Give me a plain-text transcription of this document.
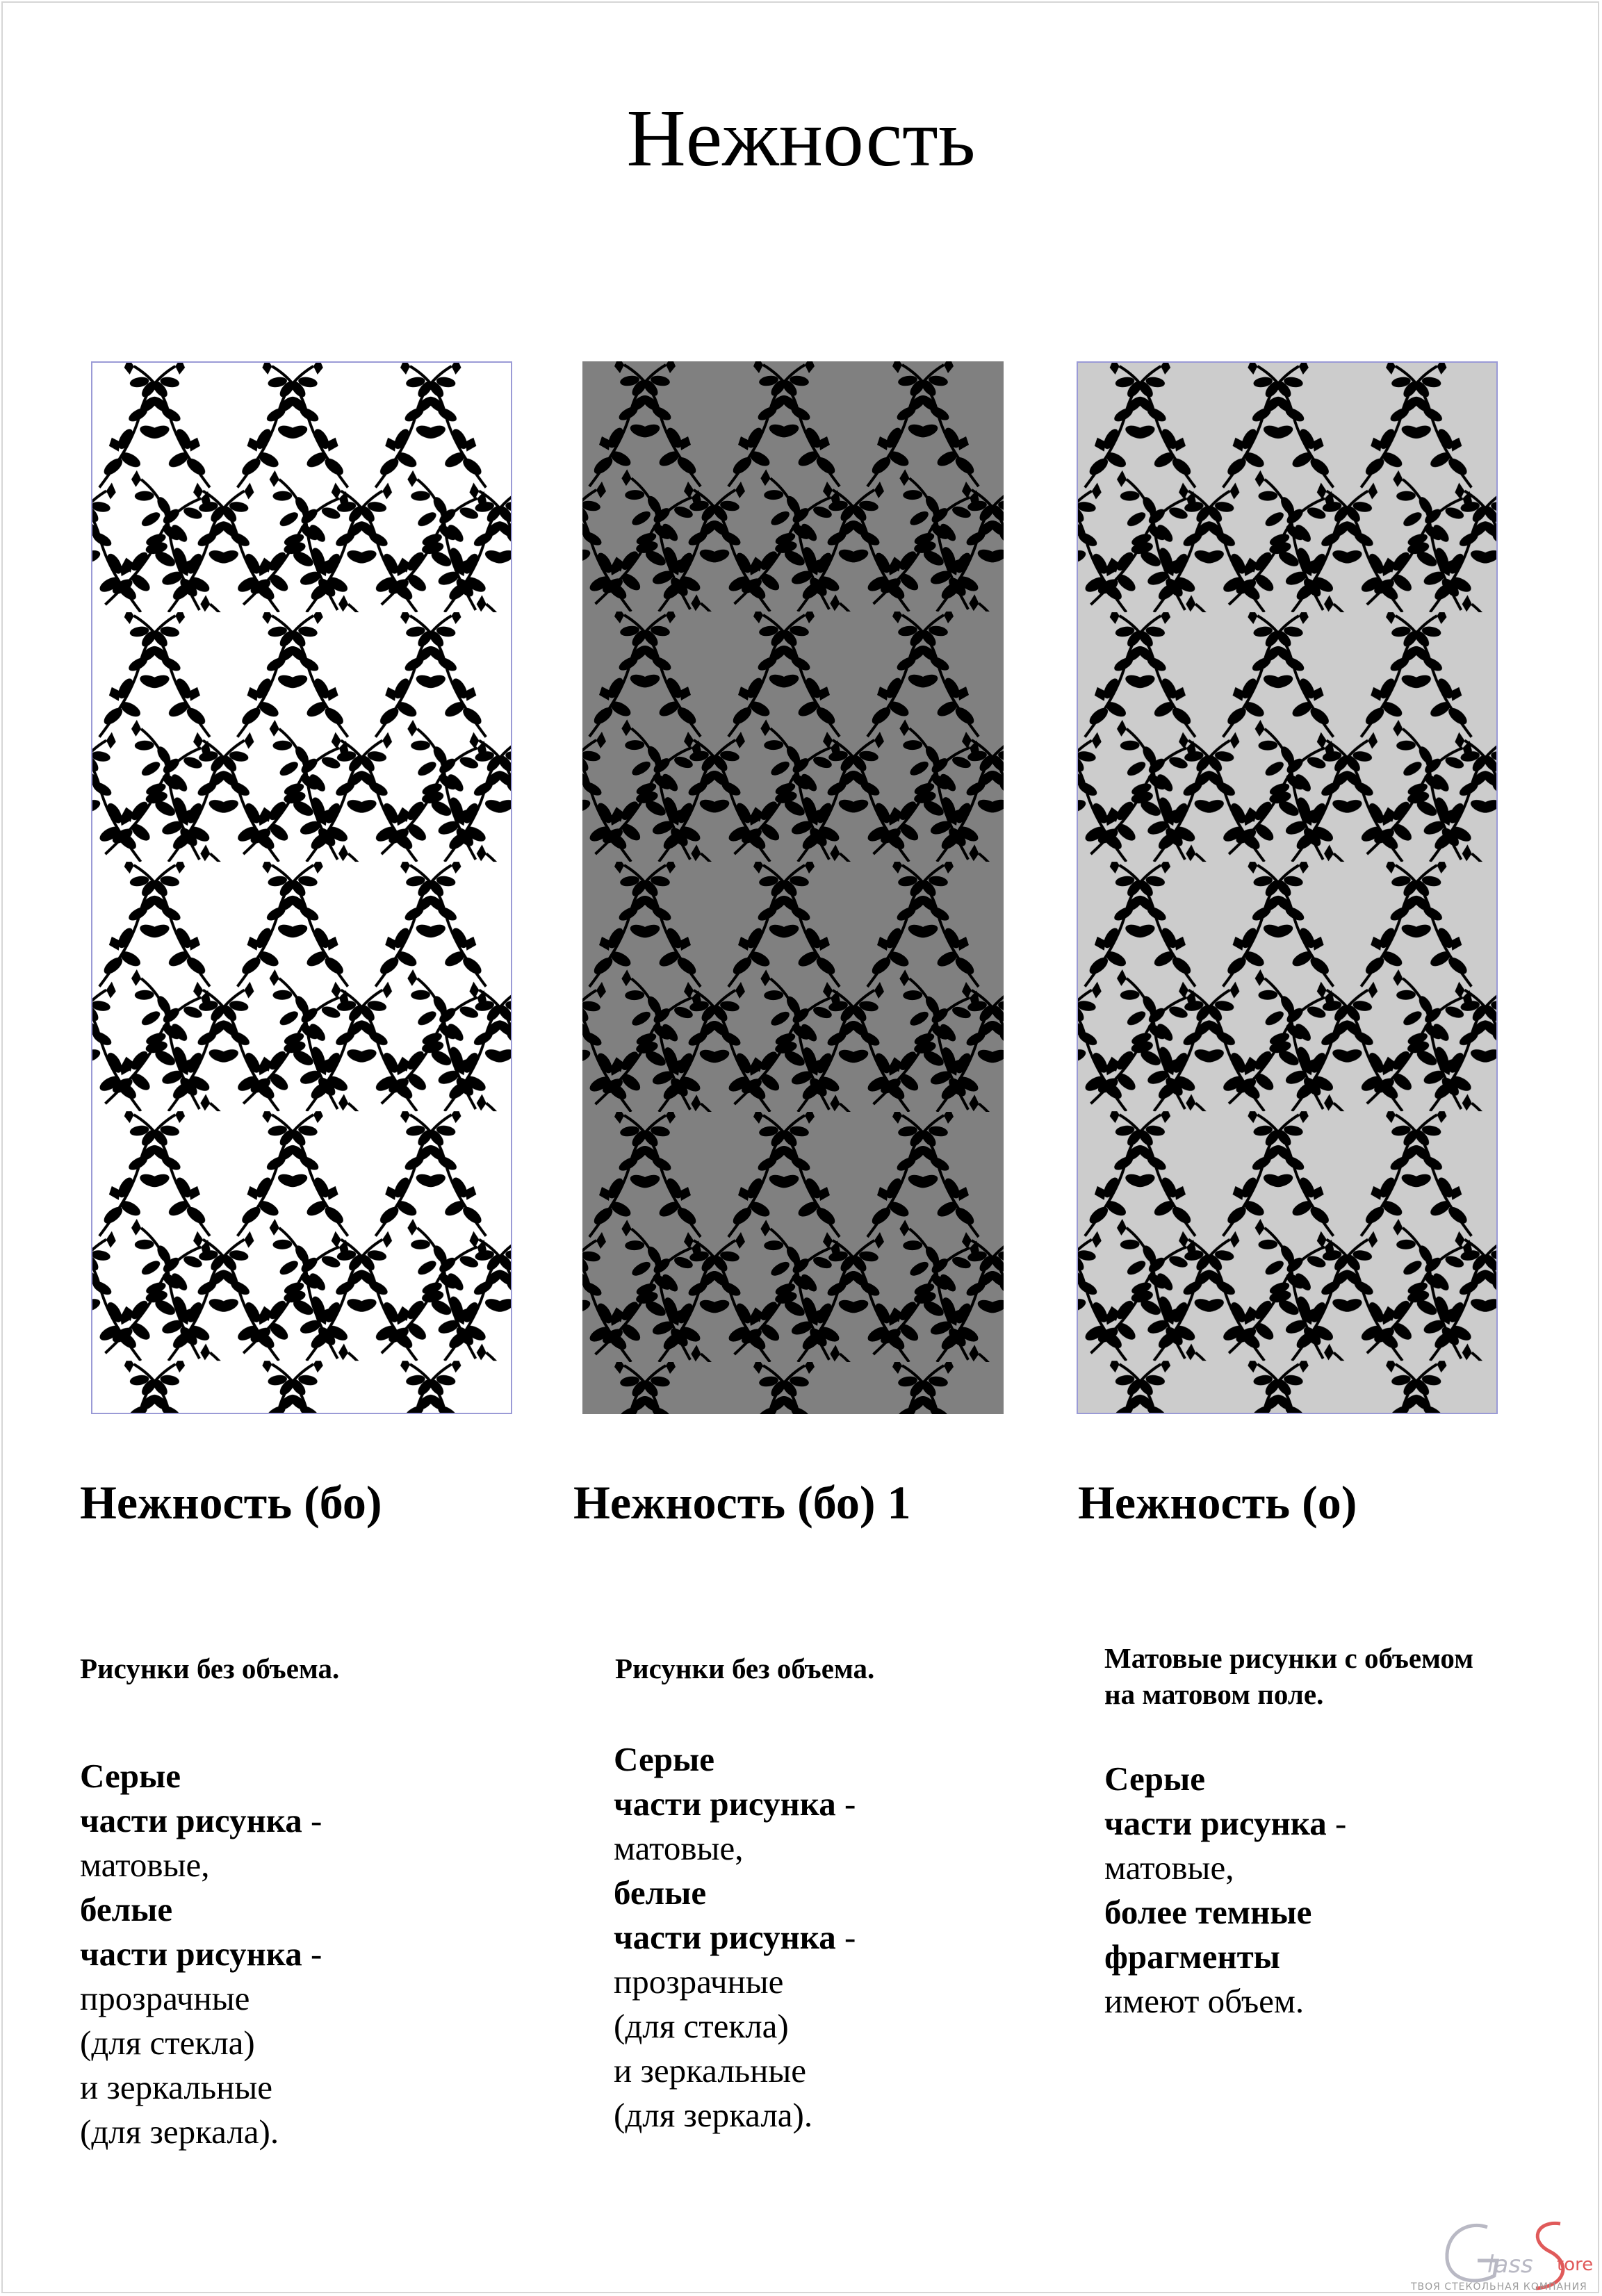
Нежность
Нежность (бо)	Нежность (бо) 1	Нежность (о)
Рисунки без объема.	Рисунки без объема.	Матовые рисунки с объемом
на матовом поле.
Серые
части рисунка -
матовые,
белые
части рисунка -
прозрачные
(для стекла)
и зеркальные
(для зеркала).
Серые
части рисунка -
матовые,
белые
части рисунка -
прозрачные
(для стекла)
и зеркальные
(для зеркала).
Серые
части рисунка -
матовые,
более темные
фрагменты
имеют объем.
lass tore
ТВОЯ СТЕКОЛЬНАЯ КОМПАНИЯ
